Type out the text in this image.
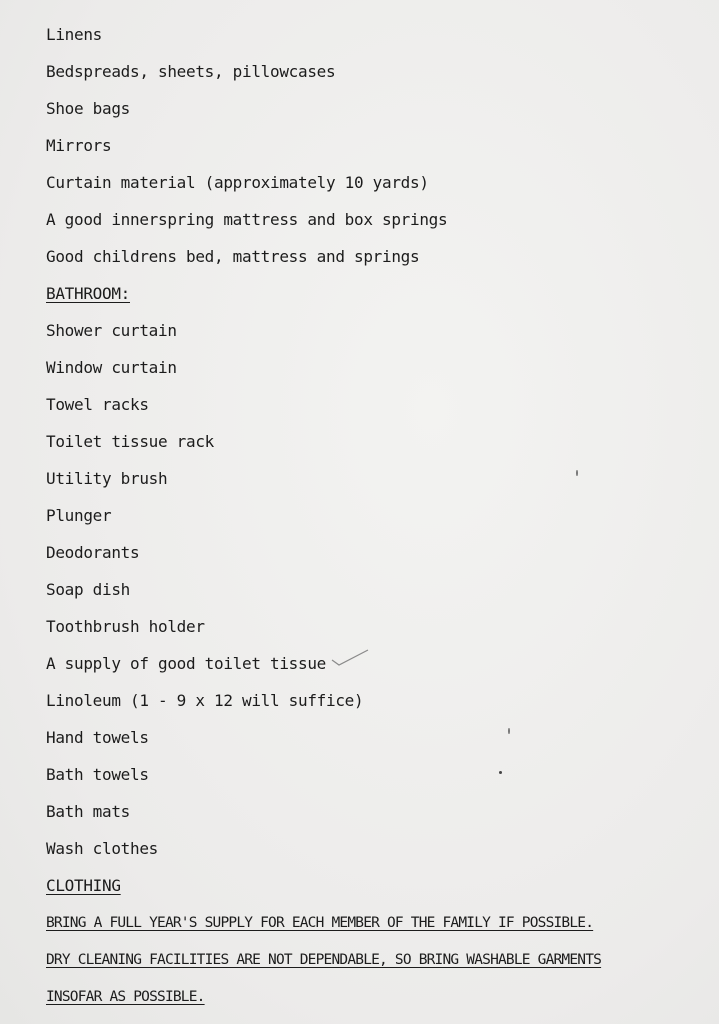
Linens
Bedspreads, sheets, pillowcases
Shoe bags
Mirrors
Curtain material (approximately 10 yards)
A good innerspring mattress and box springs
Good childrens bed, mattress and springs
BATHROOM:
Shower curtain
Window curtain
Towel racks
Toilet tissue rack
Utility brush
Plunger
Deodorants
Soap dish
Toothbrush holder
A supply of good toilet tissue
Linoleum (1 - 9 x 12 will suffice)
Hand towels
Bath towels
Bath mats
Wash clothes
CLOTHING
BRING A FULL YEAR'S SUPPLY FOR EACH MEMBER OF THE FAMILY IF POSSIBLE.
DRY CLEANING FACILITIES ARE NOT DEPENDABLE, SO BRING WASHABLE GARMENTS
INSOFAR AS POSSIBLE.
